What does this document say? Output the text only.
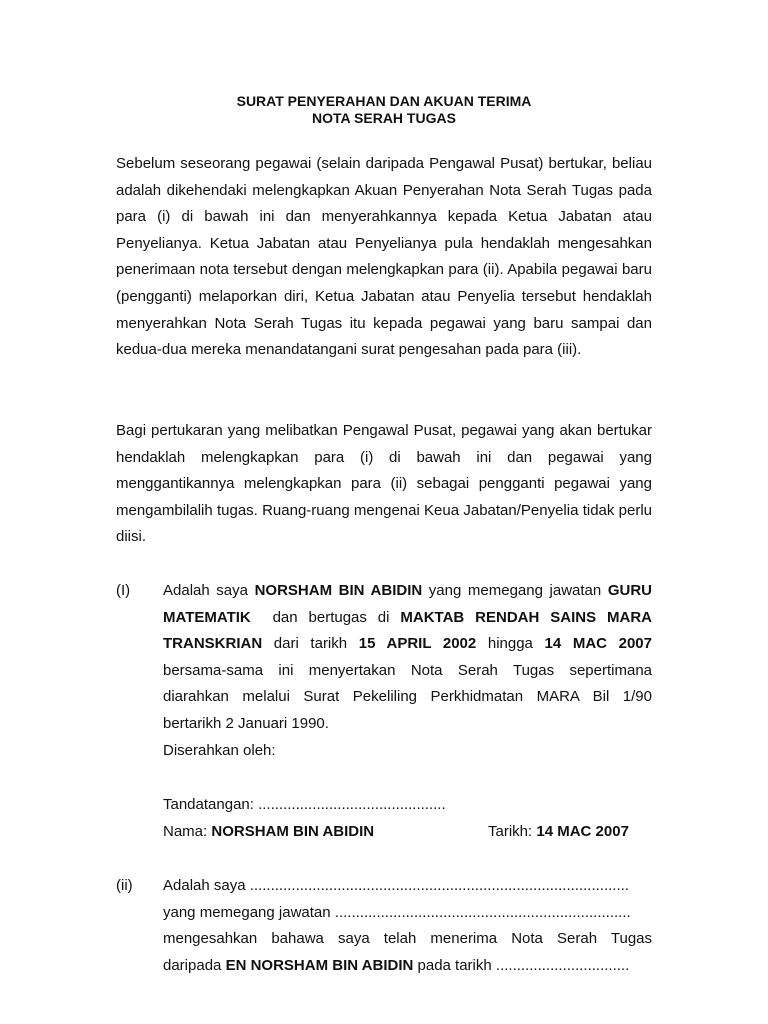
SURAT PENYERAHAN DAN AKUAN TERIMA
NOTA SERAH TUGAS

Sebelum seseorang pegawai (selain daripada Pengawal Pusat) bertukar, beliau adalah dikehendaki melengkapkan Akuan Penyerahan Nota Serah Tugas pada para (i) di bawah ini dan menyerahkannya kepada Ketua Jabatan atau Penyelianya. Ketua Jabatan atau Penyelianya pula hendaklah mengesahkan penerimaan nota tersebut dengan melengkapkan para (ii). Apabila pegawai baru (pengganti) melaporkan diri, Ketua Jabatan atau Penyelia tersebut hendaklah menyerahkan Nota Serah Tugas itu kepada pegawai yang baru sampai dan kedua-dua mereka menandatangani surat pengesahan pada para (iii).

Bagi pertukaran yang melibatkan Pengawal Pusat, pegawai yang akan bertukar hendaklah melengkapkan para (i) di bawah ini dan pegawai yang menggantikannya melengkapkan para (ii) sebagai pengganti pegawai yang mengambilalih tugas. Ruang-ruang mengenai Keua Jabatan/Penyelia tidak perlu diisi.

(I) Adalah saya NORSHAM BIN ABIDIN yang memegang jawatan GURU
MATEMATIK  dan bertugas di MAKTAB RENDAH SAINS MARA
TRANSKRIAN dari tarikh 15 APRIL 2002 hingga 14 MAC 2007
bersama-sama ini menyertakan Nota Serah Tugas sepertimana
diarahkan melalui Surat Pekeliling Perkhidmatan MARA Bil 1/90
bertarikh 2 Januari 1990.
Diserahkan oleh:
Tandatangan: .............................................
Nama: NORSHAM BIN ABIDIN	Tarikh: 14 MAC 2007
(ii) Adalah saya ...........................................................................................
yang memegang jawatan .......................................................................
mengesahkan bahawa saya telah menerima Nota Serah Tugas
daripada EN NORSHAM BIN ABIDIN pada tarikh ................................
